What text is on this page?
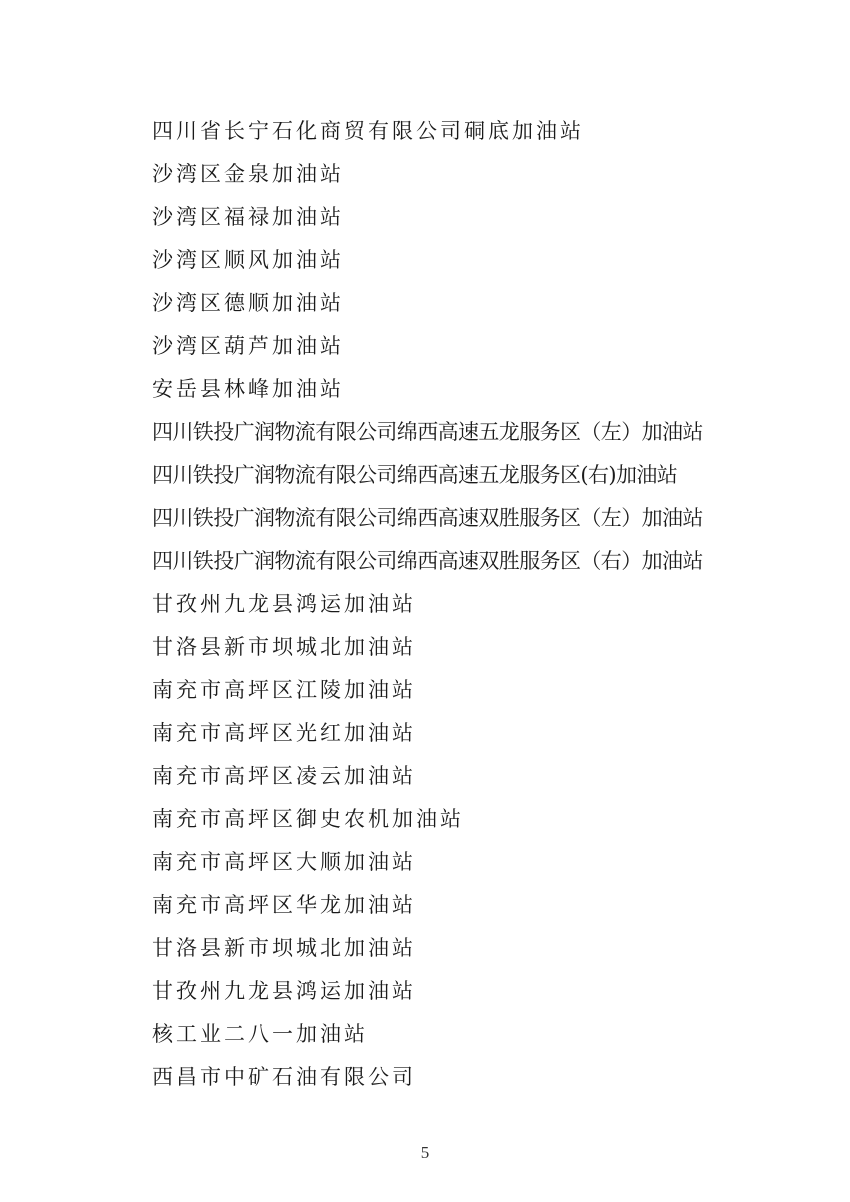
四川省长宁石化商贸有限公司硐底加油站
沙湾区金泉加油站
沙湾区福禄加油站
沙湾区顺风加油站
沙湾区德顺加油站
沙湾区葫芦加油站
安岳县林峰加油站
四川铁投广润物流有限公司绵西高速五龙服务区（左）加油站
四川铁投广润物流有限公司绵西高速五龙服务区(右)加油站
四川铁投广润物流有限公司绵西高速双胜服务区（左）加油站
四川铁投广润物流有限公司绵西高速双胜服务区（右）加油站
甘孜州九龙县鸿运加油站
甘洛县新市坝城北加油站
南充市高坪区江陵加油站
南充市高坪区光红加油站
南充市高坪区凌云加油站
南充市高坪区御史农机加油站
南充市高坪区大顺加油站
南充市高坪区华龙加油站
甘洛县新市坝城北加油站
甘孜州九龙县鸿运加油站
核工业二八一加油站
西昌市中矿石油有限公司
5
